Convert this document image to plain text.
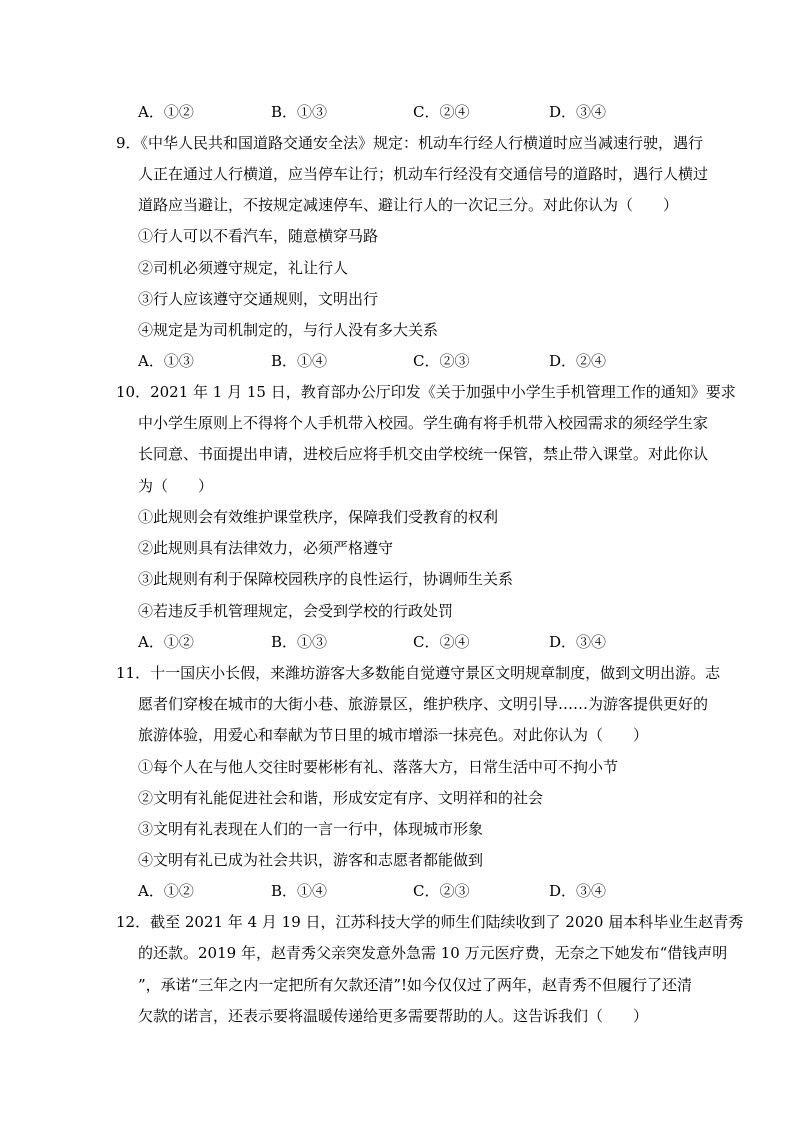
A．①②	B．①③	C．②④	D．③④
9．《中华人民共和国道路交通安全法》规定：机动车行经人行横道时应当减速行驶，遇行
人正在通过人行横道，应当停车让行；机动车行经没有交通信号的道路时，遇行人横过
道路应当避让，不按规定减速停车、避让行人的一次记三分。对此你认为（　　）
①行人可以不看汽车，随意横穿马路
②司机必须遵守规定，礼让行人
③行人应该遵守交通规则，文明出行
④规定是为司机制定的，与行人没有多大关系
A．①③	B．①④	C．②③	D．②④
10．2021 年 1 月 15 日，教育部办公厅印发《关于加强中小学生手机管理工作的通知》要求
中小学生原则上不得将个人手机带入校园。学生确有将手机带入校园需求的须经学生家
长同意、书面提出申请，进校后应将手机交由学校统一保管，禁止带入课堂。对此你认
为（　　）
①此规则会有效维护课堂秩序，保障我们受教育的权利
②此规则具有法律效力，必须严格遵守
③此规则有利于保障校园秩序的良性运行，协调师生关系
④若违反手机管理规定，会受到学校的行政处罚
A．①②	B．①③	C．②④	D．③④
11．十一国庆小长假，来潍坊游客大多数能自觉遵守景区文明规章制度，做到文明出游。志
愿者们穿梭在城市的大街小巷、旅游景区，维护秩序、文明引导……为游客提供更好的
旅游体验，用爱心和奉献为节日里的城市增添一抹亮色。对此你认为（　　）
①每个人在与他人交往时要彬彬有礼、落落大方，日常生活中可不拘小节
②文明有礼能促进社会和谐，形成安定有序、文明祥和的社会
③文明有礼表现在人们的一言一行中，体现城市形象
④文明有礼已成为社会共识，游客和志愿者都能做到
A．①②	B．①④	C．②③	D．③④
12．截至 2021 年 4 月 19 日，江苏科技大学的师生们陆续收到了 2020 届本科毕业生赵青秀
的还款。2019 年，赵青秀父亲突发意外急需 10 万元医疗费，无奈之下她发布“借钱声明
”，承诺“三年之内一定把所有欠款还清”!如今仅仅过了两年，赵青秀不但履行了还清
欠款的诺言，还表示要将温暖传递给更多需要帮助的人。这告诉我们（　　）
